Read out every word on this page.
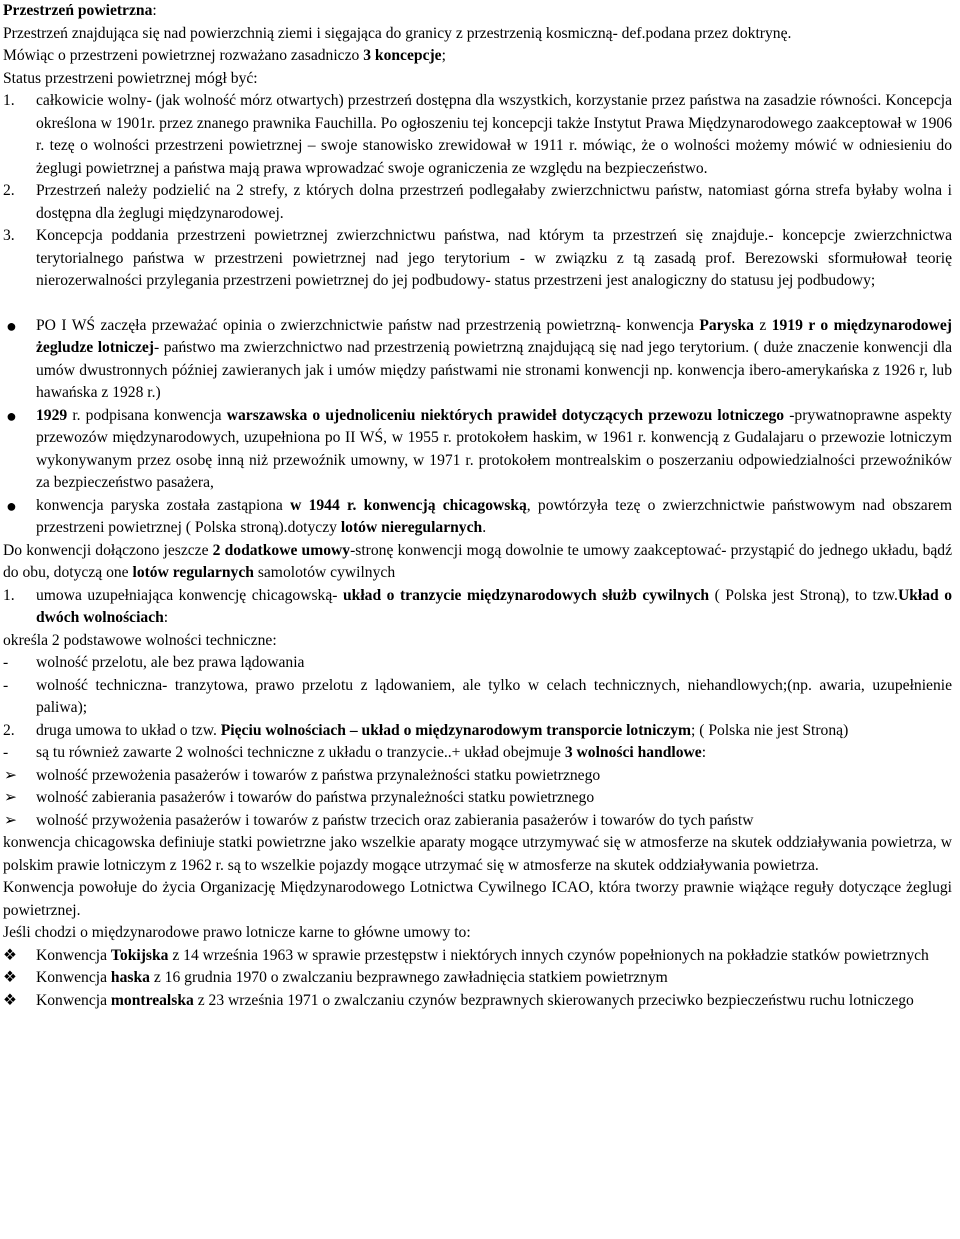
Przestrzeń powietrzna:

Przestrzeń znajdująca się nad powierzchnią ziemi i sięgająca do granicy z przestrzenią kosmiczną- def.podana przez doktrynę.

Mówiąc o przestrzeni powietrznej rozważano zasadniczo 3 koncepcje;

Status przestrzeni powietrznej mógł być:

1. całkowicie wolny- (jak wolność mórz otwartych) przestrzeń dostępna dla wszystkich, korzystanie przez państwa na zasadzie równości. Koncepcja określona w 1901r. przez znanego prawnika Fauchilla. Po ogłoszeniu tej koncepcji także Instytut Prawa Międzynarodowego zaakceptował w 1906 r. tezę o wolności przestrzeni powietrznej – swoje stanowisko zrewidował w 1911 r. mówiąc, że o wolności możemy mówić w odniesieniu do żeglugi powietrznej a państwa mają prawa wprowadzać swoje ograniczenia ze względu na bezpieczeństwo.
2. Przestrzeń należy podzielić na 2 strefy, z których dolna przestrzeń podlegałaby zwierzchnictwu państw, natomiast górna strefa byłaby wolna i dostępna dla żeglugi międzynarodowej.
3. Koncepcja poddania przestrzeni powietrznej zwierzchnictwu państwa, nad którym ta przestrzeń się znajduje.- koncepcje zwierzchnictwa terytorialnego państwa w przestrzeni powietrznej nad jego terytorium - w związku z tą zasadą prof. Berezowski sformułował teorię nierozerwalności przylegania przestrzeni powietrznej do jej podbudowy- status przestrzeni jest analogiczny do statusu jej podbudowy;
● PO I WŚ zaczęła przeważać opinia o zwierzchnictwie państw nad przestrzenią powietrzną- konwencja Paryska z 1919 r o międzynarodowej żegludze lotniczej- państwo ma zwierzchnictwo nad przestrzenią powietrzną znajdującą się nad jego terytorium. ( duże znaczenie konwencji dla umów dwustronnych później zawieranych jak i umów między państwami nie stronami konwencji np. konwencja ibero-amerykańska z 1926 r, lub hawańska z 1928 r.)
● 1929 r. podpisana konwencja warszawska o ujednoliceniu niektórych prawideł dotyczących przewozu lotniczego -prywatnoprawne aspekty przewozów międzynarodowych, uzupełniona po II WŚ, w 1955 r. protokołem haskim, w 1961 r. konwencją z Gudalajaru o przewozie lotniczym wykonywanym przez osobę inną niż przewoźnik umowny, w 1971 r. protokołem montrealskim o poszerzaniu odpowiedzialności przewoźników za bezpieczeństwo pasażera,
● konwencja paryska została zastąpiona w 1944 r. konwencją chicagowską, powtórzyła tezę o zwierzchnictwie państwowym nad obszarem przestrzeni powietrznej ( Polska stroną).dotyczy lotów nieregularnych.

Do konwencji dołączono jeszcze 2 dodatkowe umowy-stronę konwencji mogą dowolnie te umowy zaakceptować- przystąpić do jednego układu, bądź do obu, dotyczą one lotów regularnych samolotów cywilnych

1. umowa uzupełniająca konwencję chicagowską- układ o tranzycie międzynarodowych służb cywilnych ( Polska jest Stroną), to tzw.Układ o dwóch wolnościach:

określa 2 podstawowe wolności techniczne:

- wolność przelotu, ale bez prawa lądowania
- wolność techniczna- tranzytowa, prawo przelotu z lądowaniem, ale tylko w celach technicznych, niehandlowych;(np. awaria, uzupełnienie paliwa);
2. druga umowa to układ o tzw. Pięciu wolnościach – układ o międzynarodowym transporcie lotniczym; ( Polska nie jest Stroną)
- są tu również zawarte 2 wolności techniczne z układu o tranzycie..+ układ obejmuje 3 wolności handlowe:
➢ wolność przewożenia pasażerów i towarów z państwa przynależności statku powietrznego
➢ wolność zabierania pasażerów i towarów do państwa przynależności statku powietrznego
➢ wolność przywożenia pasażerów i towarów z państw trzecich oraz zabierania pasażerów i towarów do tych państw

konwencja chicagowska definiuje statki powietrzne jako wszelkie aparaty mogące utrzymywać się w atmosferze na skutek oddziaływania powietrza, w polskim prawie lotniczym z 1962 r. są to wszelkie pojazdy mogące utrzymać się w atmosferze na skutek oddziaływania powietrza.

Konwencja powołuje do życia Organizację Międzynarodowego Lotnictwa Cywilnego ICAO, która tworzy prawnie wiążące reguły dotyczące żeglugi powietrznej.

Jeśli chodzi o międzynarodowe prawo lotnicze karne to główne umowy to:

❖ Konwencja Tokijska z 14 września 1963 w sprawie przestępstw i niektórych innych czynów popełnionych na pokładzie statków powietrznych
❖ Konwencja haska z 16 grudnia 1970 o zwalczaniu bezprawnego zawładnięcia statkiem powietrznym
❖ Konwencja montrealska z 23 września 1971 o zwalczaniu czynów bezprawnych skierowanych przeciwko bezpieczeństwu ruchu lotniczego
